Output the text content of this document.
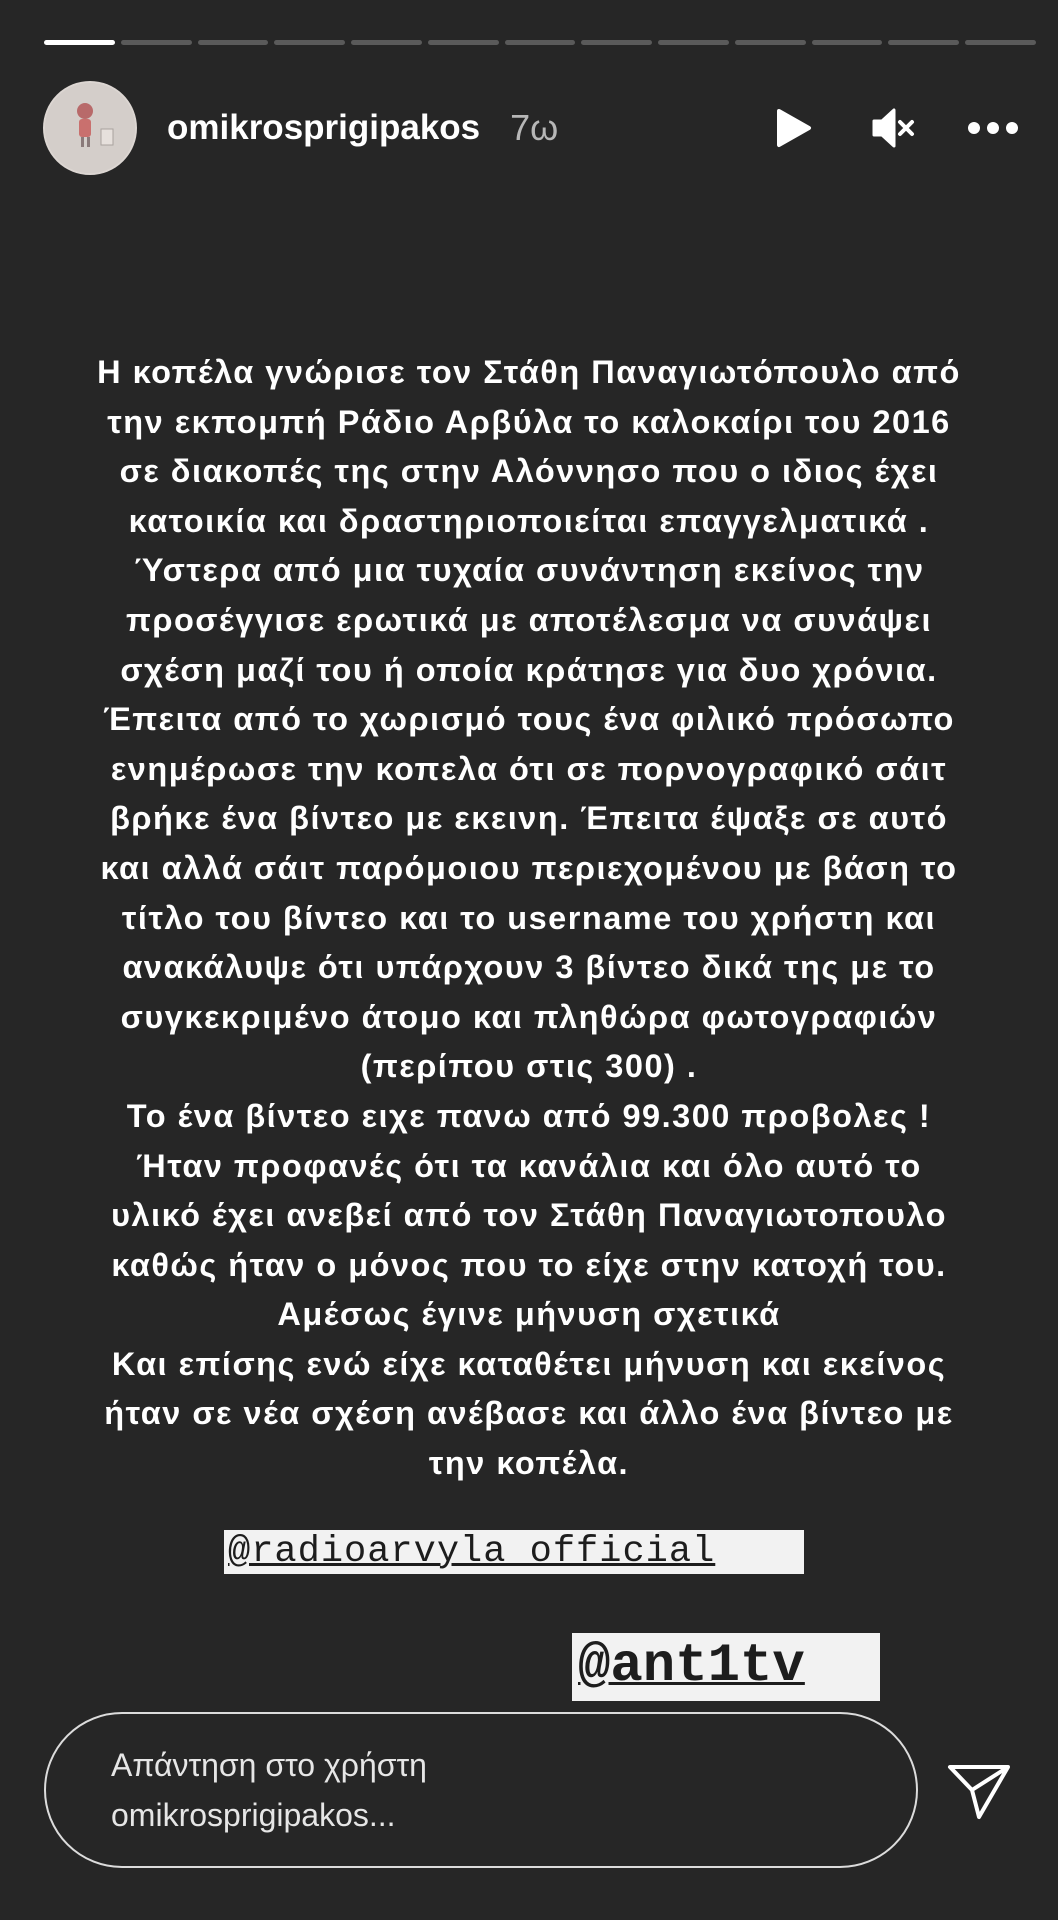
omikrosprigipakos 7ω
Η κοπέλα γνώρισε τον Στάθη Παναγιωτόπουλο από
την εκπομπή Ράδιο Αρβύλα το καλοκαίρι του 2016
σε διακοπές της στην Αλόννησο που ο ιδιος έχει
κατοικία και δραστηριοποιείται επαγγελματικά .
Ύστερα από μια τυχαία συνάντηση εκείνος την
προσέγγισε ερωτικά με αποτέλεσμα να συνάψει
σχέση μαζί του ή οποία κράτησε για δυο χρόνια.
Έπειτα από το χωρισμό τους ένα φιλικό πρόσωπο
ενημέρωσε την κοπελα ότι σε πορνογραφικό σάιτ
βρήκε ένα βίντεο με εκεινη. Έπειτα έψαξε σε αυτό
και αλλά σάιτ παρόμοιου περιεχομένου με βάση το
τίτλο του βίντεο και το username του χρήστη και
ανακάλυψε ότι υπάρχουν 3 βίντεο δικά της με το
συγκεκριμένο άτομο και πληθώρα φωτογραφιών
(περίπου στις 300) .
Το ένα βίντεο ειχε πανω από 99.300 προβολες !
Ήταν προφανές ότι τα κανάλια και όλο αυτό το
υλικό έχει ανεβεί από τον Στάθη Παναγιωτοπουλο
καθώς ήταν ο μόνος που το είχε στην κατοχή του.
Αμέσως έγινε μήνυση σχετικά
Και επίσης ενώ είχε καταθέτει μήνυση και εκείνος
ήταν σε νέα σχέση ανέβασε και άλλο ένα βίντεο με
την κοπέλα.
@radioarvyla_official
@ant1tv
Απάντηση στο χρήστη
omikrosprigipakos...
